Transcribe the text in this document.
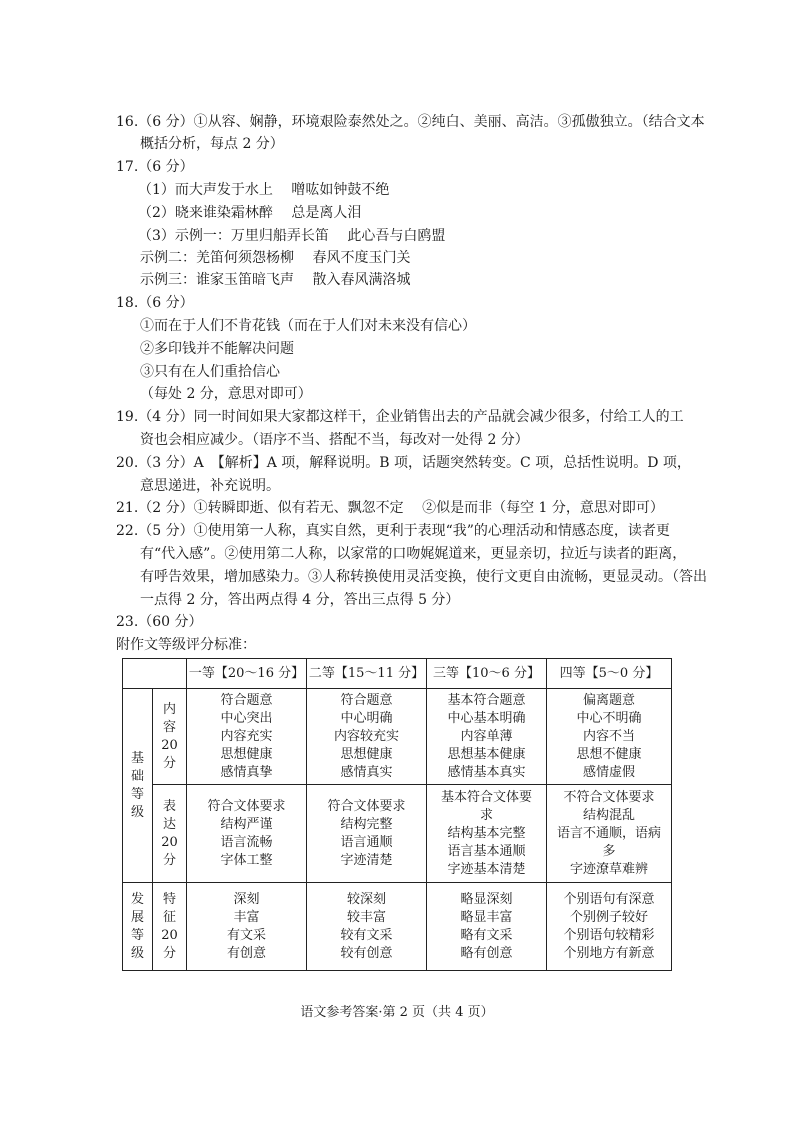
16.（6 分）①从容、娴静，环境艰险泰然处之。②纯白、美丽、高洁。③孤傲独立。（结合文本
概括分析，每点 2 分）
17.（6 分）
（1）而大声发于水上　 噌吰如钟鼓不绝
（2）晓来谁染霜林醉　 总是离人泪
（3）示例一：万里归船弄长笛　 此心吾与白鸥盟
示例二：羌笛何须怨杨柳　 春风不度玉门关
示例三：谁家玉笛暗飞声　 散入春风满洛城
18.（6 分）
①而在于人们不肯花钱（而在于人们对未来没有信心）
②多印钱并不能解决问题
③只有在人们重拾信心
（每处 2 分，意思对即可）
19.（4 分）同一时间如果大家都这样干，企业销售出去的产品就会减少很多，付给工人的工
资也会相应减少。（语序不当、搭配不当，每改对一处得 2 分）
20.（3 分）A　【解析】A 项，解释说明。B 项，话题突然转变。C 项，总括性说明。D 项，
意思递进，补充说明。
21.（2 分）①转瞬即逝、似有若无、飘忽不定　 ②似是而非（每空 1 分，意思对即可）
22.（5 分）①使用第一人称，真实自然，更利于表现“我”的心理活动和情感态度，读者更
有“代入感”。②使用第二人称，以家常的口吻娓娓道来，更显亲切，拉近与读者的距离，
有呼告效果，增加感染力。③人称转换使用灵活变换，使行文更自由流畅，更显灵动。（答出
一点得 2 分，答出两点得 4 分，答出三点得 5 分）
23.（60 分）
附作文等级评分标准：
		一等【20～16 分】	二等【15～11 分】	三等【10～6 分】	四等【5～0 分】

基
础
等
级	内
容
20
分	符合题意
中心突出
内容充实
思想健康
感情真挚	符合题意
中心明确
内容较充实
思想健康
感情真实	基本符合题意
中心基本明确
内容单薄
思想基本健康
感情基本真实	偏离题意
中心不明确
内容不当
思想不健康
感情虚假

	表
达
20
分	符合文体要求
结构严谨
语言流畅
字体工整	符合文体要求
结构完整
语言通顺
字迹清楚	基本符合文体要
求
结构基本完整
语言基本通顺
字迹基本清楚	不符合文体要求
结构混乱
语言不通顺，语病
多
字迹潦草难辨

发
展
等
级	特
征
20
分	深刻
丰富
有文采
有创意	较深刻
较丰富
较有文采
较有创意	略显深刻
略显丰富
略有文采
略有创意	个别语句有深意
个别例子较好
个别语句较精彩
个别地方有新意
语文参考答案·第 2 页（共 4 页）
